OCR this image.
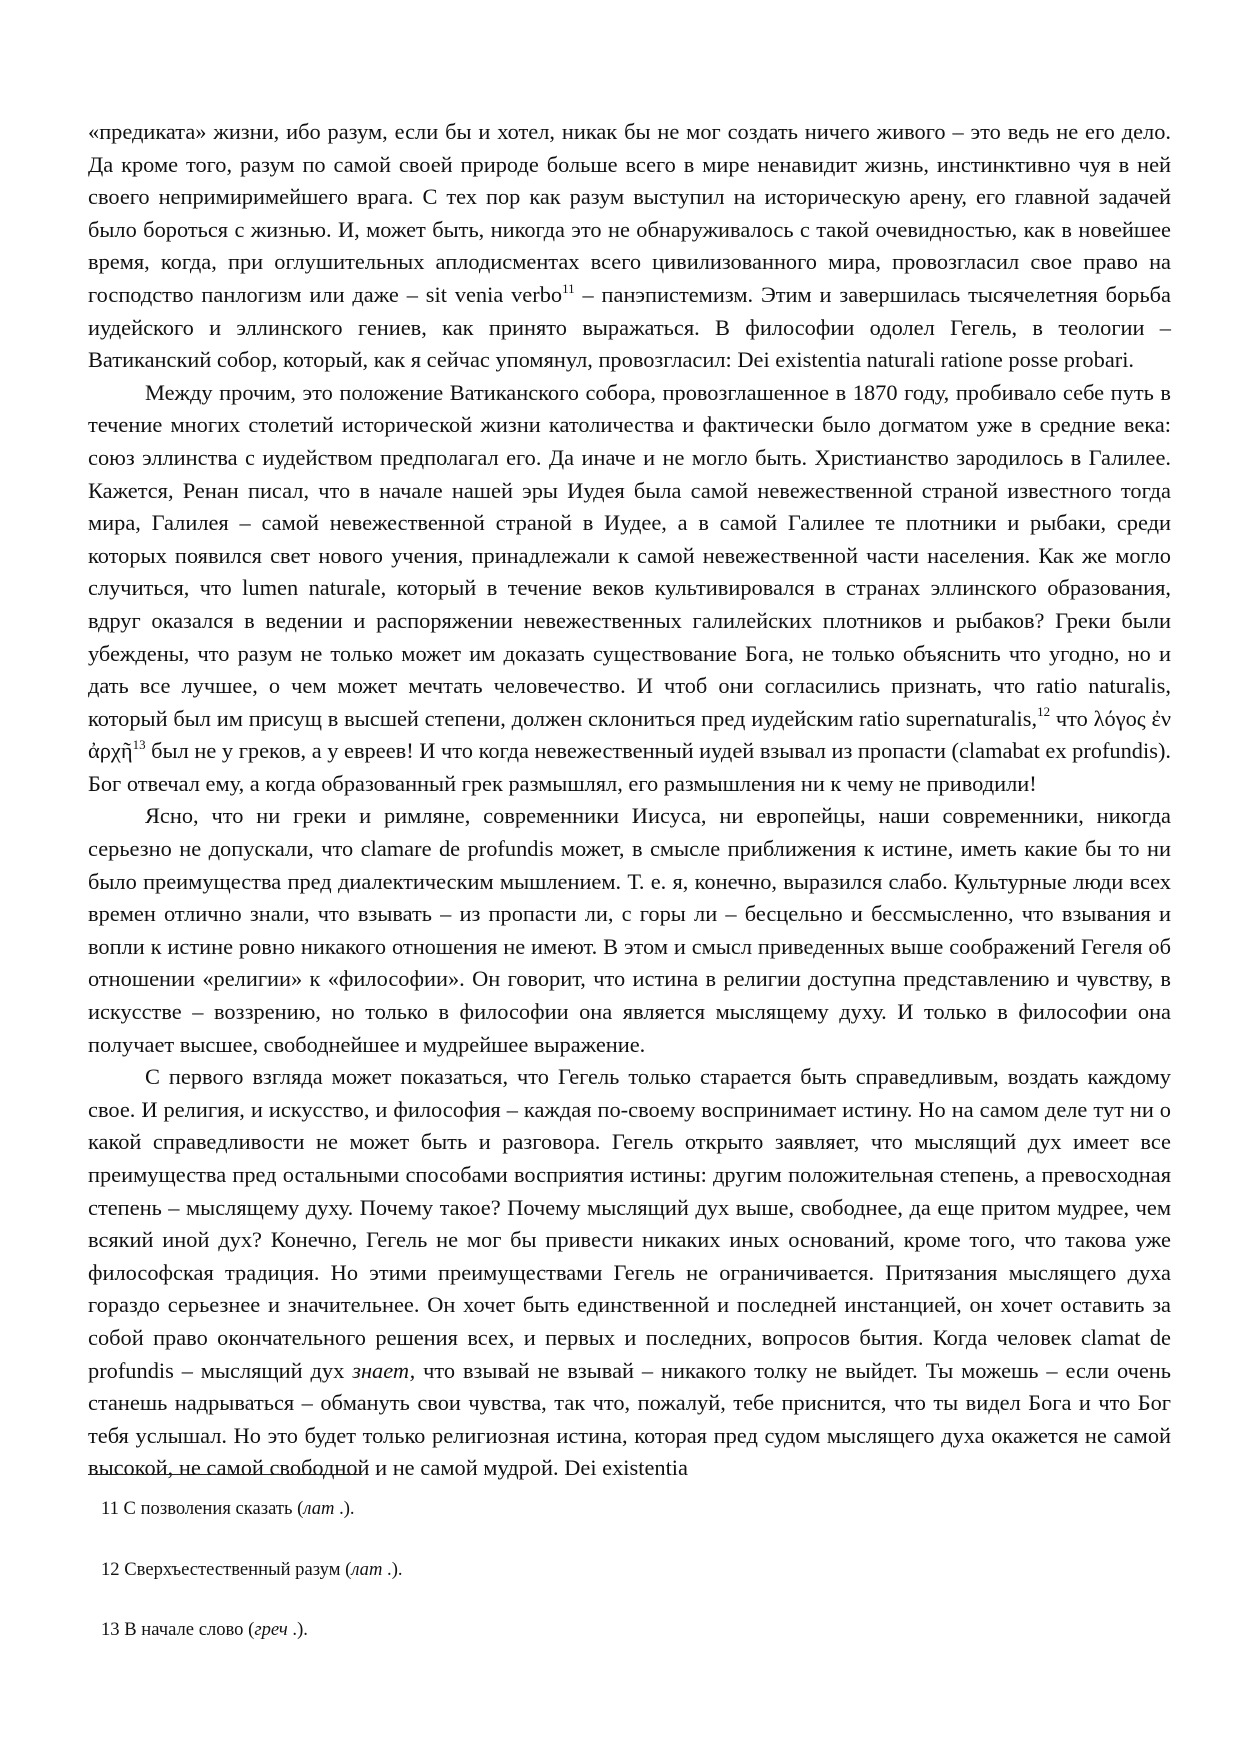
«предиката» жизни, ибо разум, если бы и хотел, никак бы не мог создать ничего живого – это ведь не его дело. Да кроме того, разум по самой своей природе больше всего в мире ненавидит жизнь, инстинктивно чуя в ней своего непримиримейшего врага. С тех пор как разум выступил на историческую арену, его главной задачей было бороться с жизнью. И, может быть, никогда это не обнаруживалось с такой очевидностью, как в новейшее время, когда, при оглушительных аплодисментах всего цивилизованного мира, провозгласил свое право на господство панлогизм или даже – sit venia verbo$^{11}$ – панэпистемизм. Этим и завершилась тысячелетняя борьба иудейского и эллинского гениев, как принято выражаться. В философии одолел Гегель, в теологии – Ватиканский собор, который, как я сейчас упомянул, провозгласил: Dei existentia naturali ratione posse probari.

Между прочим, это положение Ватиканского собора, провозглашенное в 1870 году, пробивало себе путь в течение многих столетий исторической жизни католичества и фактически было догматом уже в средние века: союз эллинства с иудейством предполагал его. Да иначе и не могло быть. Христианство зародилось в Галилее. Кажется, Ренан писал, что в начале нашей эры Иудея была самой невежественной страной известного тогда мира, Галилея – самой невежественной страной в Иудее, а в самой Галилее те плотники и рыбаки, среди которых появился свет нового учения, принадлежали к самой невежественной части населения. Как же могло случиться, что lumen naturale, который в течение веков культивировался в странах эллинского образования, вдруг оказался в ведении и распоряжении невежественных галилейских плотников и рыбаков? Греки были убеждены, что разум не только может им доказать существование Бога, не только объяснить что угодно, но и дать все лучшее, о чем может мечтать человечество. И чтоб они согласились признать, что ratio naturalis, который был им присущ в высшей степени, должен склониться пред иудейским ratio supernaturalis,$^{12}$ что λόγος ἐν ἀρχῆ$^{13}$ был не у греков, а у евреев! И что когда невежественный иудей взывал из пропасти (clamabat ex profundis). Бог отвечал ему, а когда образованный грек размышлял, его размышления ни к чему не приводили!

Ясно, что ни греки и римляне, современники Иисуса, ни европейцы, наши современники, никогда серьезно не допускали, что clamare de profundis может, в смысле приближения к истине, иметь какие бы то ни было преимущества пред диалектическим мышлением. Т. е. я, конечно, выразился слабо. Культурные люди всех времен отлично знали, что взывать – из пропасти ли, с горы ли – бесцельно и бессмысленно, что взывания и вопли к истине ровно никакого отношения не имеют. В этом и смысл приведенных выше соображений Гегеля об отношении «религии» к «философии». Он говорит, что истина в религии доступна представлению и чувству, в искусстве – воззрению, но только в философии она является мыслящему духу. И только в философии она получает высшее, свободнейшее и мудрейшее выражение.

С первого взгляда может показаться, что Гегель только старается быть справедливым, воздать каждому свое. И религия, и искусство, и философия – каждая по-своему воспринимает истину. Но на самом деле тут ни о какой справедливости не может быть и разговора. Гегель открыто заявляет, что мыслящий дух имеет все преимущества пред остальными способами восприятия истины: другим положительная степень, а превосходная степень – мыслящему духу. Почему такое? Почему мыслящий дух выше, свободнее, да еще притом мудрее, чем всякий иной дух? Конечно, Гегель не мог бы привести никаких иных оснований, кроме того, что такова уже философская традиция. Но этими преимуществами Гегель не ограничивается. Притязания мыслящего духа гораздо серьезнее и значительнее. Он хочет быть единственной и последней инстанцией, он хочет оставить за собой право окончательного решения всех, и первых и последних, вопросов бытия. Когда человек clamat de profundis – мыслящий дух знает, что взывай не взывай – никакого толку не выйдет. Ты можешь – если очень станешь надрываться – обмануть свои чувства, так что, пожалуй, тебе приснится, что ты видел Бога и что Бог тебя услышал. Но это будет только религиозная истина, которая пред судом мыслящего духа окажется не самой высокой, не самой свободной и не самой мудрой. Dei existentia

11 С позволения сказать (лат .).

12 Сверхъестественный разум (лат .).

13 В начале слово (греч .).
